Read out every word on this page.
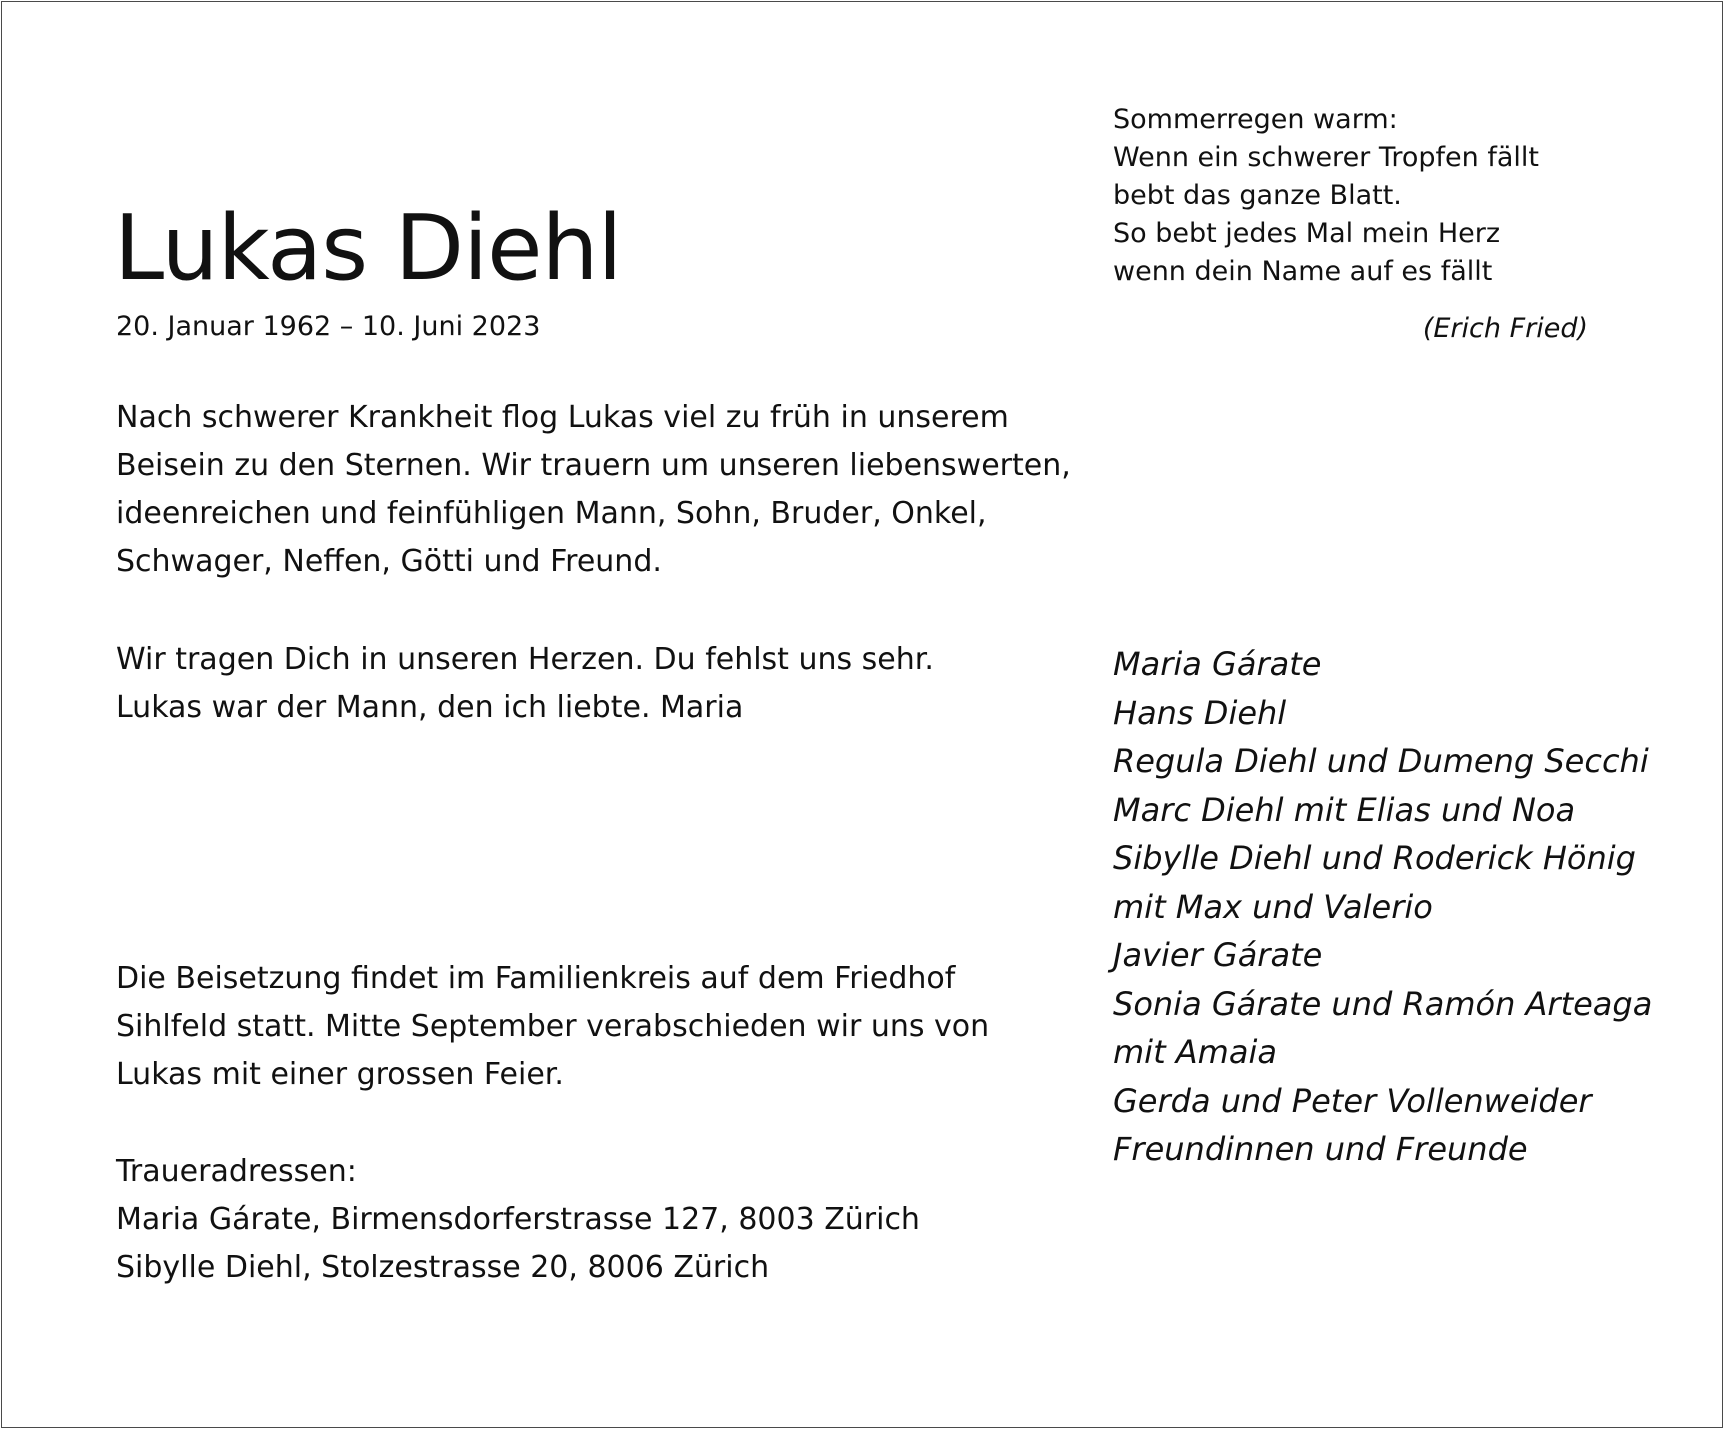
Lukas Diehl
20. Januar 1962 – 10. Juni 2023
Nach schwerer Krankheit flog Lukas viel zu früh in unserem
Beisein zu den Sternen. Wir trauern um unseren liebenswerten,
ideenreichen und feinfühligen Mann, Sohn, Bruder, Onkel,
Schwager, Neffen, Götti und Freund.
Wir tragen Dich in unseren Herzen. Du fehlst uns sehr.
Lukas war der Mann, den ich liebte. Maria
Die Beisetzung findet im Familienkreis auf dem Friedhof
Sihlfeld statt. Mitte September verabschieden wir uns von
Lukas mit einer grossen Feier.
Traueradressen:
Maria Gárate, Birmensdorferstrasse 127, 8003 Zürich
Sibylle Diehl, Stolzestrasse 20, 8006 Zürich
Sommerregen warm:
Wenn ein schwerer Tropfen fällt
bebt das ganze Blatt.
So bebt jedes Mal mein Herz
wenn dein Name auf es fällt
(Erich Fried)
Maria Gárate
Hans Diehl
Regula Diehl und Dumeng Secchi
Marc Diehl mit Elias und Noa
Sibylle Diehl und Roderick Hönig
mit Max und Valerio
Javier Gárate
Sonia Gárate und Ramón Arteaga
mit Amaia
Gerda und Peter Vollenweider
Freundinnen und Freunde
